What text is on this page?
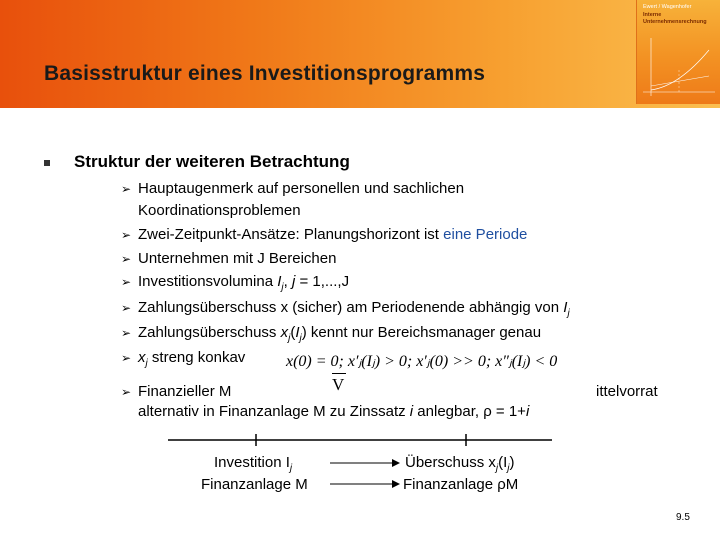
Basisstruktur eines Investitionsprogramms
Ewert / Wagenhofer
Interne
Unternehmensrechnung
Struktur der weiteren Betrachtung
➢ Hauptaugenmerk auf personellen und sachlichen
Koordinationsproblemen
➢ Zwei-Zeitpunkt-Ansätze: Planungshorizont ist eine Periode
➢ Unternehmen mit J Bereichen
➢ Investitionsvolumina $I_j$, j = 1,...,J
➢ Zahlungsüberschuss x (sicher) am Periodenende abhängig von $I_j$
➢ Zahlungsüberschuss $x_j(I_j)$ kennt nur Bereichsmanager genau
➢ $x_j$ streng konkav	x(0) = 0; x′ⱼ(Iⱼ) > 0; x′ⱼ(0) >> 0; x″ⱼ(Iⱼ) < 0
➢ Finanzieller M	V	ittelvorrat
alternativ in Finanzanlage M zu Zinssatz i anlegbar, ρ = 1+i
Investition $I_j$
Finanzanlage M
Überschuss $x_j(I_j)$
Finanzanlage ρM
9.5
